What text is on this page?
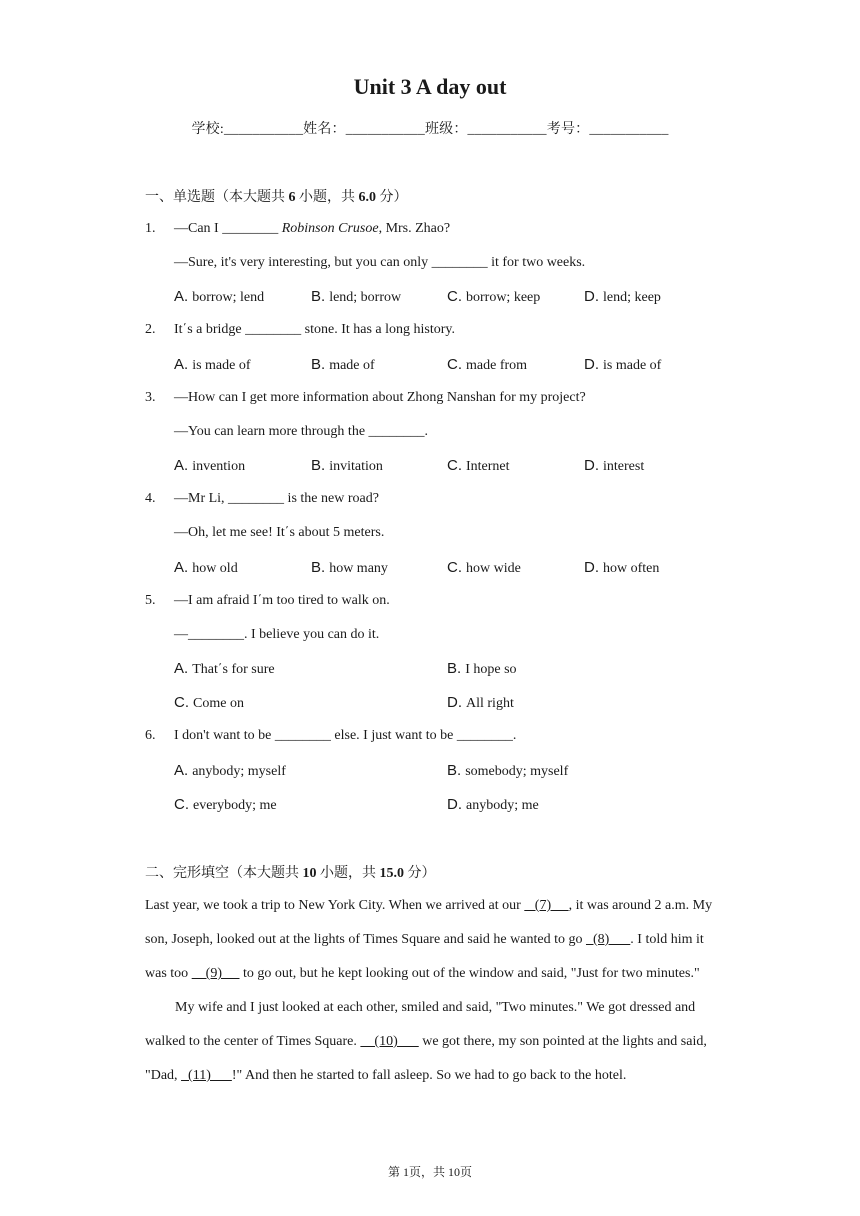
Unit 3 A day out
学校:___________姓名：___________班级：___________考号：___________
一、单选题（本大题共 6 小题，共 6.0 分）
1. —Can I ________ Robinson Crusoe, Mrs. Zhao?
—Sure, it's very interesting, but you can only ________ it for two weeks.
A. borrow; lend	B. lend; borrow	C. borrow; keep	D. lend; keep
2. It΄s a bridge ________ stone. It has a long history.
A. is made of	B. made of	C. made from	D. is made of
3. —How can I get more information about Zhong Nanshan for my project?
—You can learn more through the ________.
A. invention	B. invitation	C. Internet	D. interest
4. —Mr Li, ________ is the new road?
—Oh, let me see! It΄s about 5 meters.
A. how old	B. how many	C. how wide	D. how often
5. —I am afraid I΄m too tired to walk on.
—________. I believe you can do it.
A. That΄s for sure	B. I hope so
C. Come on	D. All right
6. I don't want to be ________ else. I just want to be ________.
A. anybody; myself	B. somebody; myself
C. everybody; me	D. anybody; me
二、完形填空（本大题共 10 小题，共 15.0 分）

Last year, we took a trip to New York City. When we arrived at our    (7)     , it was around 2 a.m. My son, Joseph, looked out at the lights of Times Square and said he wanted to go   (8)      . I told him it was too     (9)      to go out, but he kept looking out of the window and said, "Just for two minutes."

My wife and I just looked at each other, smiled and said, "Two minutes." We got dressed and walked to the center of Times Square.     (10)       we got there, my son pointed at the lights and said, "Dad,   (11)      !" And then he started to fall asleep. So we had to go back to the hotel.

第 1页，共 10页
